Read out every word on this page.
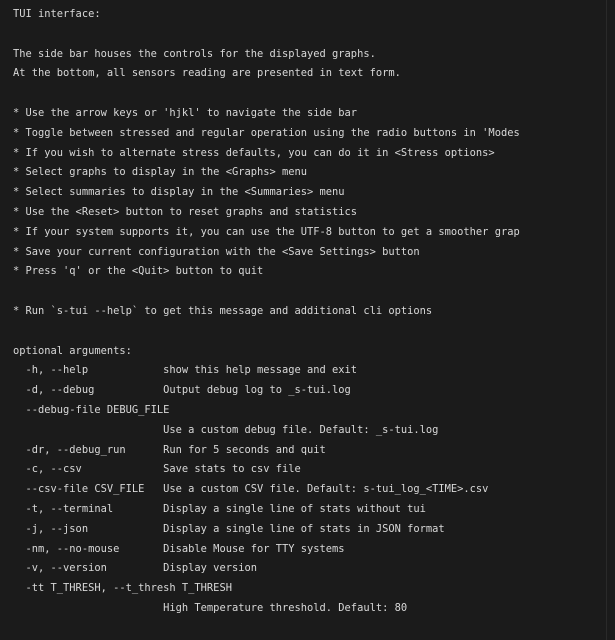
TUI interface:
The side bar houses the controls for the displayed graphs.
At the bottom, all sensors reading are presented in text form.
* Use the arrow keys or 'hjkl' to navigate the side bar
* Toggle between stressed and regular operation using the radio buttons in 'Modes
* If you wish to alternate stress defaults, you can do it in <Stress options>
* Select graphs to display in the <Graphs> menu
* Select summaries to display in the <Summaries> menu
* Use the <Reset> button to reset graphs and statistics
* If your system supports it, you can use the UTF-8 button to get a smoother grap
* Save your current configuration with the <Save Settings> button
* Press 'q' or the <Quit> button to quit
* Run `s-tui --help` to get this message and additional cli options
optional arguments:
-h, --help            show this help message and exit
-d, --debug           Output debug log to _s-tui.log
--debug-file DEBUG_FILE
Use a custom debug file. Default: _s-tui.log
-dr, --debug_run      Run for 5 seconds and quit
-c, --csv             Save stats to csv file
--csv-file CSV_FILE   Use a custom CSV file. Default: s-tui_log_<TIME>.csv
-t, --terminal        Display a single line of stats without tui
-j, --json            Display a single line of stats in JSON format
-nm, --no-mouse       Disable Mouse for TTY systems
-v, --version         Display version
-tt T_THRESH, --t_thresh T_THRESH
High Temperature threshold. Default: 80
